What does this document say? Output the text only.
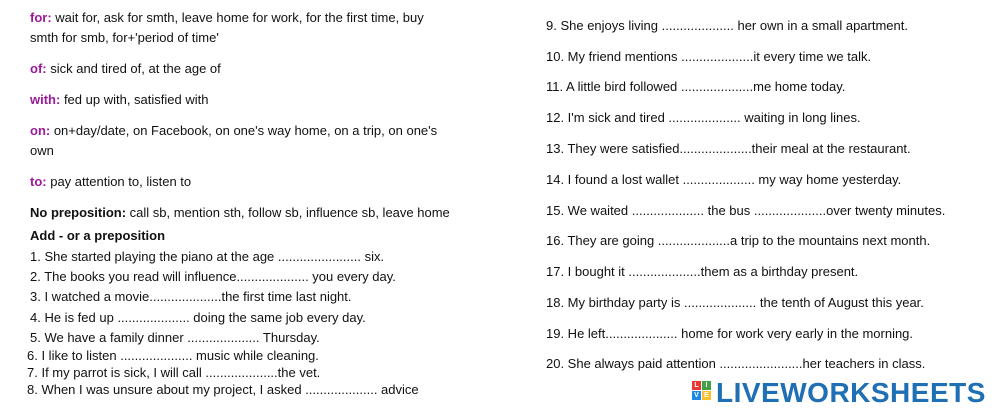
for: wait for, ask for smth, leave home for work, for the first time, buy
smth for smb, for+'period of time'
of: sick and tired of, at the age of
with: fed up with, satisfied with
on: on+day/date, on Facebook, on one's way home, on a trip, on one's
own
to: pay attention to, listen to
No preposition: call sb, mention sth, follow sb, influence sb, leave home
Add - or a preposition
1. She started playing the piano at the age ....................... six.
2. The books you read will influence.................... you every day.
3. I watched a movie....................the first time last night.
4. He is fed up .................... doing the same job every day.
5. We have a family dinner .................... Thursday.
6. I like to listen .................... music while cleaning.
7. If my parrot is sick, I will call ....................the vet.
8. When I was unsure about my project, I asked .................... advice
9. She enjoys living .................... her own in a small apartment.
10. My friend mentions ....................it every time we talk.
11. A little bird followed ....................me home today.
12. I'm sick and tired .................... waiting in long lines.
13. They were satisfied....................their meal at the restaurant.
14. I found a lost wallet .................... my way home yesterday.
15. We waited .................... the bus ....................over twenty minutes.
16. They are going ....................a trip to the mountains next month.
17. I bought it ....................them as a birthday present.
18. My birthday party is .................... the tenth of August this year.
19. He left.................... home for work very early in the morning.
20. She always paid attention .......................her teachers in class.
L I
V E LIVEWORKSHEETS
